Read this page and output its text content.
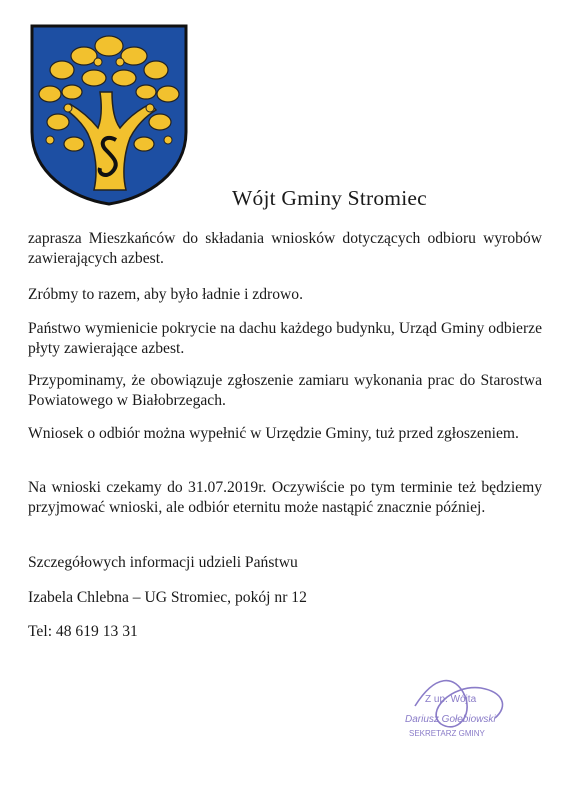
Wójt Gminy Stromiec

zaprasza Mieszkańców do składania wniosków dotyczących odbioru wyrobów zawierających azbest.

Zróbmy to razem, aby było ładnie i zdrowo.

Państwo wymienicie pokrycie na dachu każdego budynku, Urząd Gminy odbierze płyty zawierające azbest.

Przypominamy, że obowiązuje zgłoszenie zamiaru wykonania prac do Starostwa Powiatowego w Białobrzegach.

Wniosek o odbiór można wypełnić w Urzędzie Gminy, tuż przed zgłoszeniem.

Na wnioski czekamy do 31.07.2019r. Oczywiście po tym terminie też będziemy przyjmować wnioski, ale odbiór eternitu może nastąpić znacznie później.

Szczegółowych informacji udzieli Państwu

Izabela Chlebna – UG Stromiec, pokój nr 12

Tel: 48 619 13 31

Z up. Wójta
Dariusz Gołębiowski
SEKRETARZ GMINY
